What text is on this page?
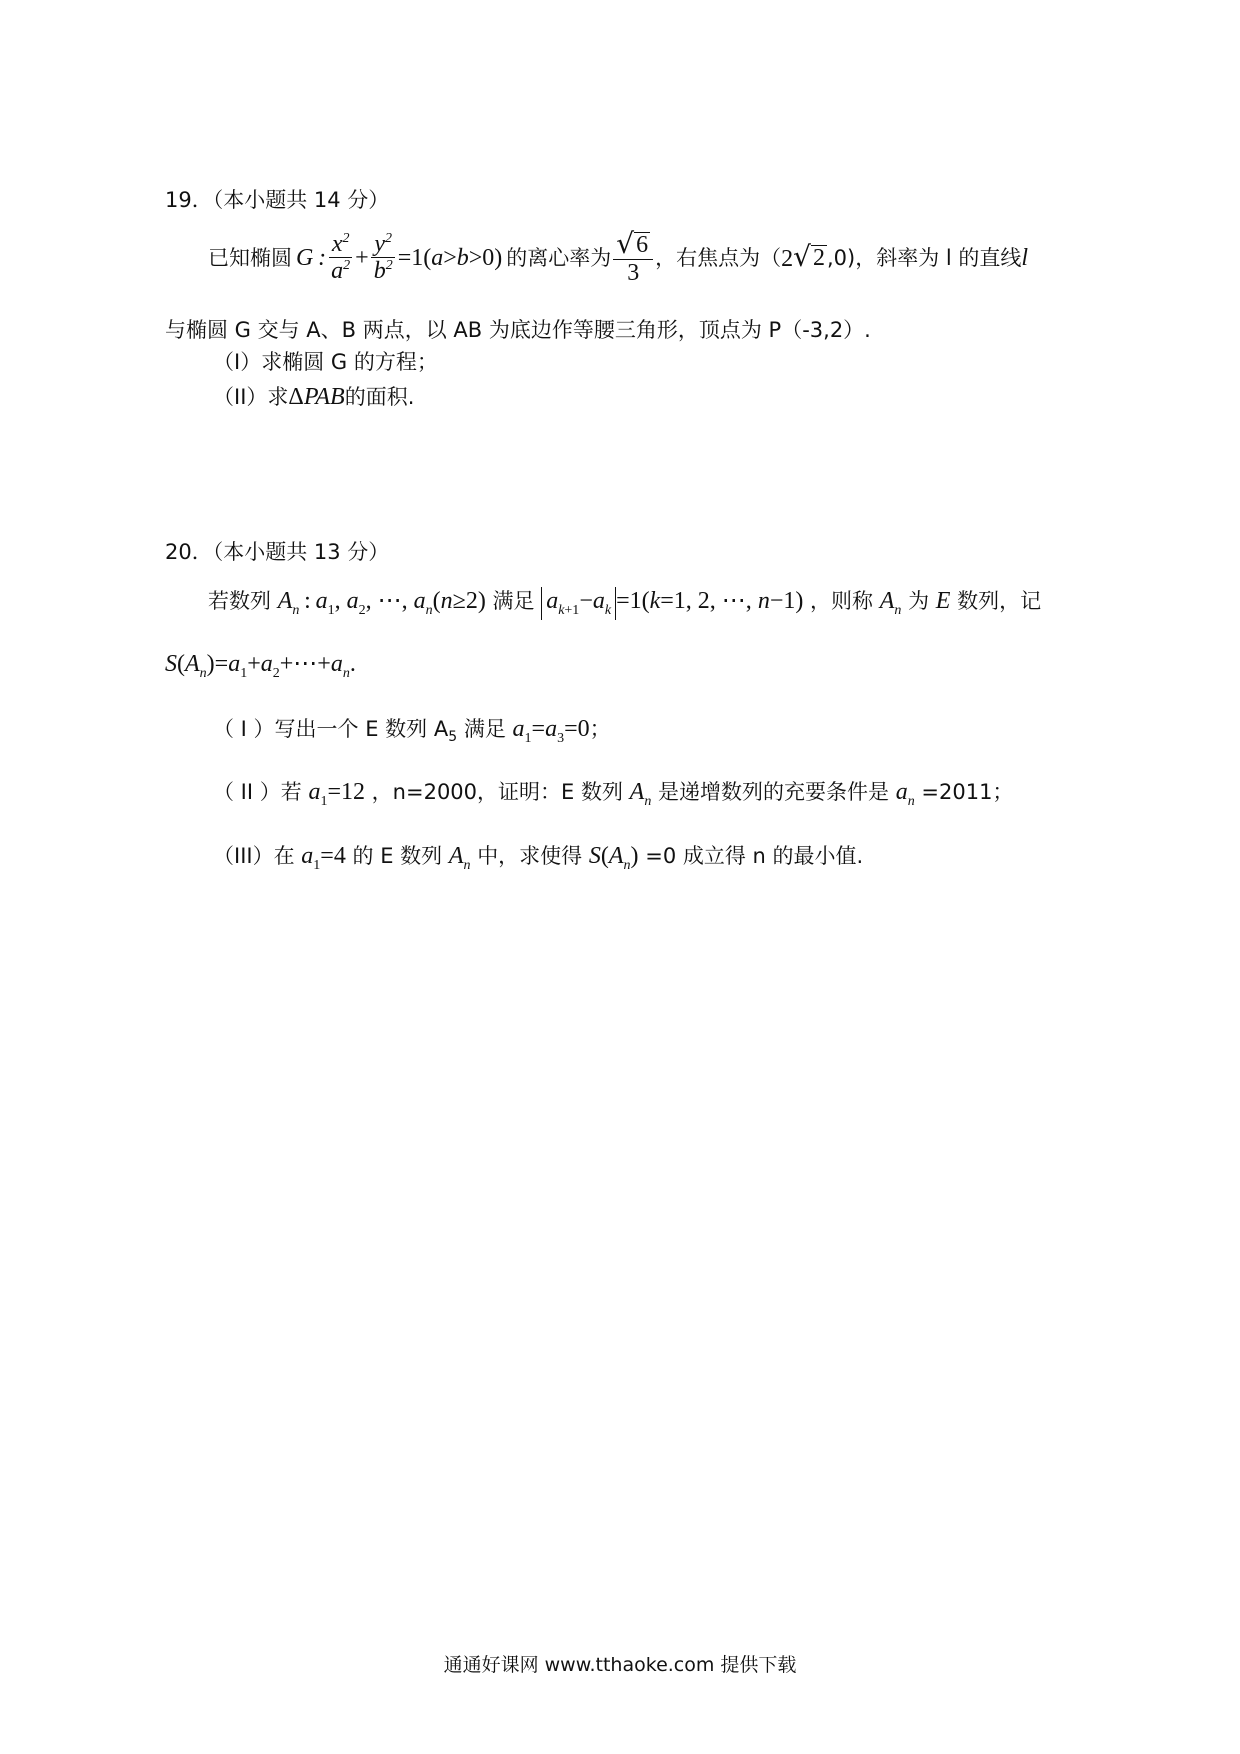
19．（本小题共 14 分）
已知椭圆 G : $\frac{x^2}{a^2} + \frac{y^2}{b^2} =1(a>b>0)$ 的离心率为 $\frac{√ 6}{3}$ ，右焦点为（ 2 √ 2 ,0)，斜率为 l 的直线 l
与椭圆 G 交与 A、B 两点，以 AB 为底边作等腰三角形，顶点为 P（-3,2）.
（I）求椭圆 G 的方程；
（II）求ΔPAB的面积.
20．（本小题共 13 分）
若数列 $A_n$ : $a_1$, $a_2$, ⋯, $a_n(n\ge 2)$ 满足 $a_{k+1}-a_k =1(k=1$, 2, ⋯, n−1) ，则称 $A_n$ 为 E 数列，记
$S(A_n)=a_1+a_2+\cdots+a_n$.
（ I ）写出一个 E 数列 $A_5$ 满足 $a_1=a_3=0$；
（ II ）若 $a_1=12$ ，n=2000，证明：E 数列 $A_n$ 是递增数列的充要条件是 $a_n =2011$；
（III）在 $a_1=4$ 的 E 数列 $A_n$ 中，求使得 $S(A_n) =0$ 成立得 n 的最小值.
通通好课网 www.tthaoke.com 提供下载
